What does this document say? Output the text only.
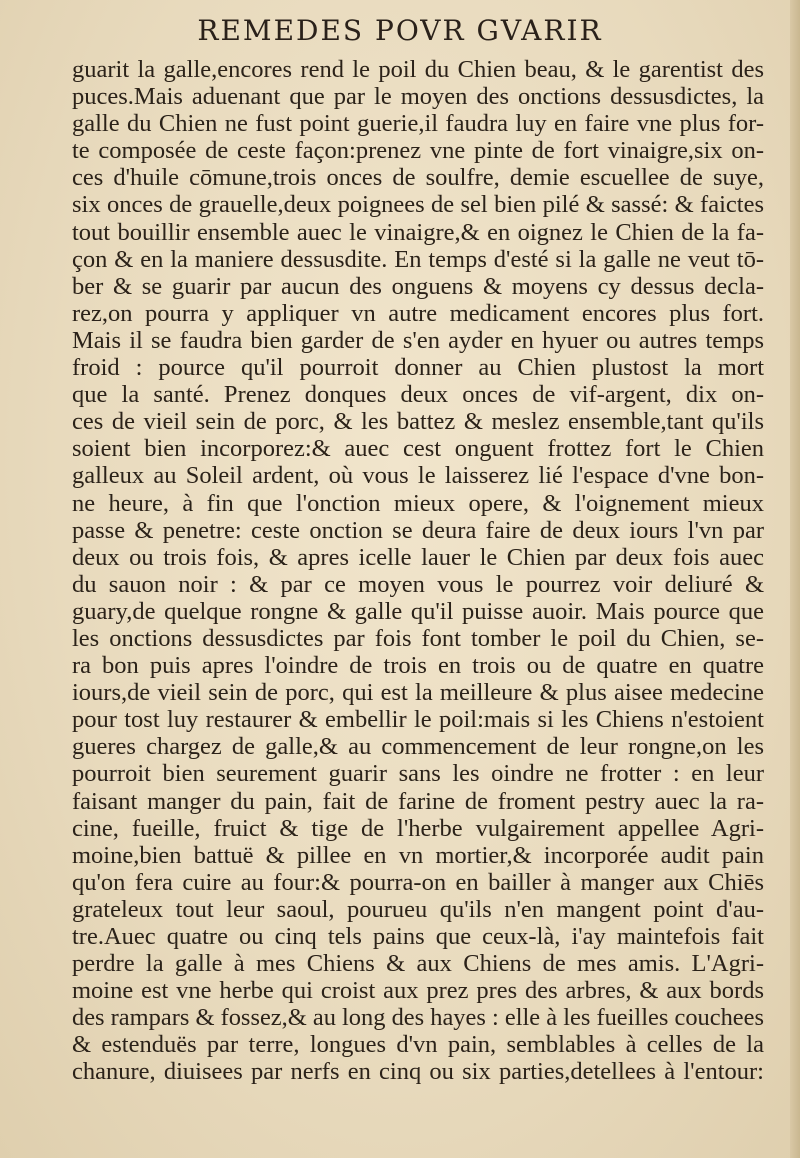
REMEDES POVR GVARIR
guarit la galle,encores rend le poil du Chien beau, & le garentist des
puces.Mais aduenant que par le moyen des onctions dessusdictes, la
galle du Chien ne fust point guerie,il faudra luy en faire vne plus for-
te composée de ceste façon:prenez vne pinte de fort vinaigre,six on-
ces d'huile cōmune,trois onces de soulfre, demie escuellee de suye,
six onces de grauelle,deux poignees de sel bien pilé & sassé: & faictes
tout bouillir ensemble auec le vinaigre,& en oignez le Chien de la fa-
çon & en la maniere dessusdite. En temps d'esté si la galle ne veut tō-
ber & se guarir par aucun des onguens & moyens cy dessus decla-
rez,on pourra y appliquer vn autre medicament encores plus fort.
Mais il se faudra bien garder de s'en ayder en hyuer ou autres temps
froid : pource qu'il pourroit donner au Chien plustost la mort
que la santé. Prenez donques deux onces de vif-argent, dix on-
ces de vieil sein de porc, & les battez & meslez ensemble,tant qu'ils
soient bien incorporez:& auec cest onguent frottez fort le Chien
galleux au Soleil ardent, où vous le laisserez lié l'espace d'vne bon-
ne heure, à fin que l'onction mieux opere, & l'oignement mieux
passe & penetre: ceste onction se deura faire de deux iours l'vn par
deux ou trois fois, & apres icelle lauer le Chien par deux fois auec
du sauon noir : & par ce moyen vous le pourrez voir deliuré &
guary,de quelque rongne & galle qu'il puisse auoir. Mais pource que
les onctions dessusdictes par fois font tomber le poil du Chien, se-
ra bon puis apres l'oindre de trois en trois ou de quatre en quatre
iours,de vieil sein de porc, qui est la meilleure & plus aisee medecine
pour tost luy restaurer & embellir le poil:mais si les Chiens n'estoient
gueres chargez de galle,& au commencement de leur rongne,on les
pourroit bien seurement guarir sans les oindre ne frotter : en leur
faisant manger du pain, fait de farine de froment pestry auec la ra-
cine, fueille, fruict & tige de l'herbe vulgairement appellee Agri-
moine,bien battuë & pillee en vn mortier,& incorporée audit pain
qu'on fera cuire au four:& pourra-on en bailler à manger aux Chiēs
grateleux tout leur saoul, pourueu qu'ils n'en mangent point d'au-
tre.Auec quatre ou cinq tels pains que ceux-là, i'ay maintefois fait
perdre la galle à mes Chiens & aux Chiens de mes amis. L'Agri-
moine est vne herbe qui croist aux prez pres des arbres, & aux bords
des rampars & fossez,& au long des hayes : elle à les fueilles couchees
& estenduës par terre, longues d'vn pain, semblables à celles de la
chanure, diuisees par nerfs en cinq ou six parties,detellees à l'entour:
